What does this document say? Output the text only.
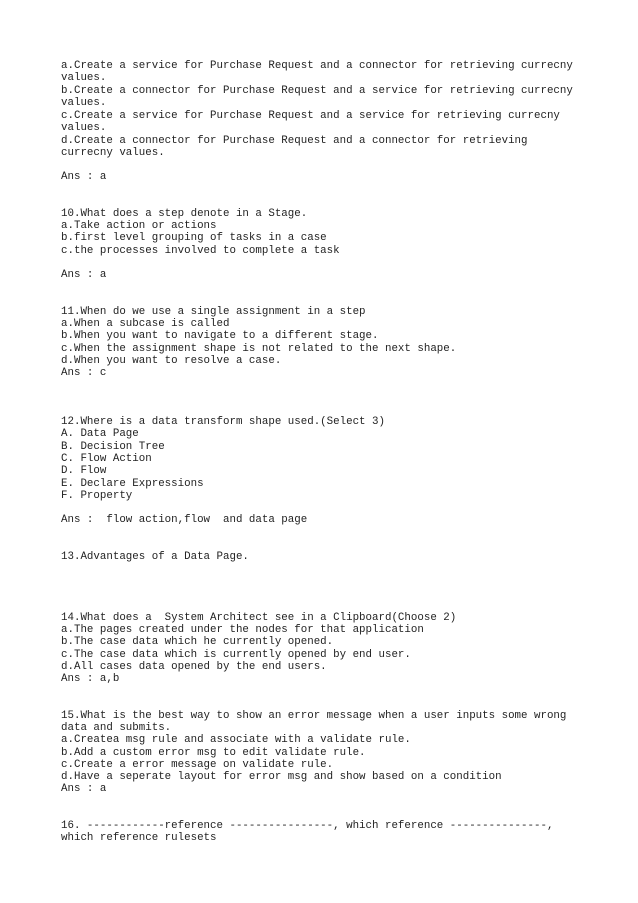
a.Create a service for Purchase Request and a connector for retrieving currecny
values.
b.Create a connector for Purchase Request and a service for retrieving currecny
values.
c.Create a service for Purchase Request and a service for retrieving currecny
values.
d.Create a connector for Purchase Request and a connector for retrieving
currecny values.
Ans : a
10.What does a step denote in a Stage.
a.Take action or actions
b.first level grouping of tasks in a case
c.the processes involved to complete a task
Ans : a
11.When do we use a single assignment in a step
a.When a subcase is called
b.When you want to navigate to a different stage.
c.When the assignment shape is not related to the next shape.
d.When you want to resolve a case.
Ans : c
12.Where is a data transform shape used.(Select 3)
A. Data Page
B. Decision Tree
C. Flow Action
D. Flow
E. Declare Expressions
F. Property
Ans :  flow action,flow  and data page
13.Advantages of a Data Page.
14.What does a  System Architect see in a Clipboard(Choose 2)
a.The pages created under the nodes for that application
b.The case data which he currently opened.
c.The case data which is currently opened by end user.
d.All cases data opened by the end users.
Ans : a,b
15.What is the best way to show an error message when a user inputs some wrong
data and submits.
a.Createa msg rule and associate with a validate rule.
b.Add a custom error msg to edit validate rule.
c.Create a error message on validate rule.
d.Have a seperate layout for error msg and show based on a condition
Ans : a
16. ------------reference ----------------, which reference ---------------,
which reference rulesets
